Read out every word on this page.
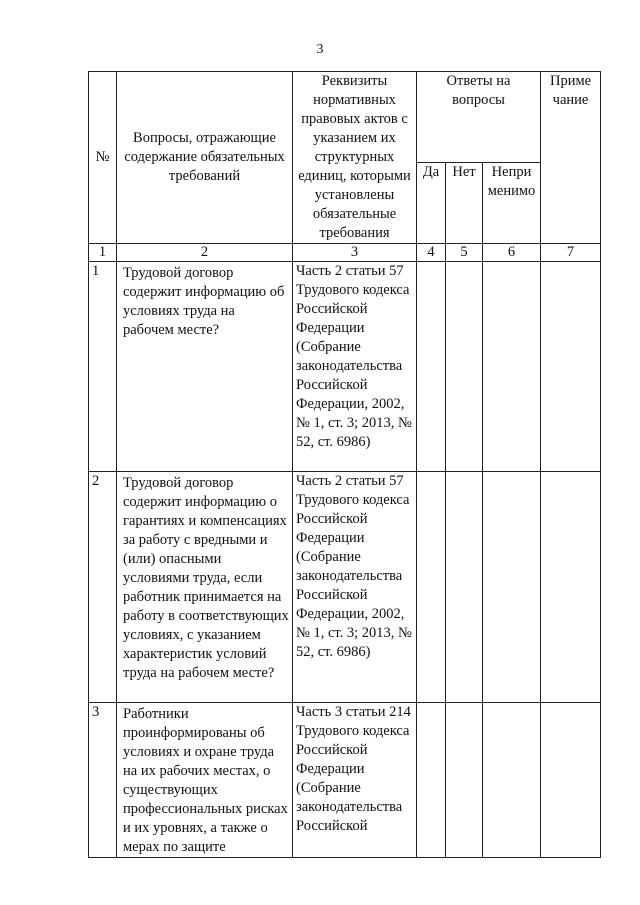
3
№	Вопросы, отражающие содержание обязательных требований	Реквизиты нормативных правовых актов с указанием их структурных единиц, которыми установлены обязательные требования	Ответы на вопросы			Приме чание
			Да	Нет	Непри менимо	
1	2	3	4	5	6	7
1	Трудовой договор содержит информацию об условиях труда на рабочем месте?	Часть 2 статьи 57 Трудового кодекса Российской Федерации (Собрание законодательства Российской Федерации, 2002, № 1, ст. 3; 2013, № 52, ст. 6986)				
2	Трудовой договор содержит информацию о гарантиях и компенсациях за работу с вредными и (или) опасными условиями труда, если работник принимается на работу в соответствующих условиях, с указанием характеристик условий труда на рабочем месте?	Часть 2 статьи 57 Трудового кодекса Российской Федерации (Собрание законодательства Российской Федерации, 2002, № 1, ст. 3; 2013, № 52, ст. 6986)				
3	Работники проинформированы об условиях и охране труда на их рабочих местах, о существующих профессиональных рисках и их уровнях, а также о мерах по защите	Часть 3 статьи 214 Трудового кодекса Российской Федерации (Собрание законодательства Российской				
